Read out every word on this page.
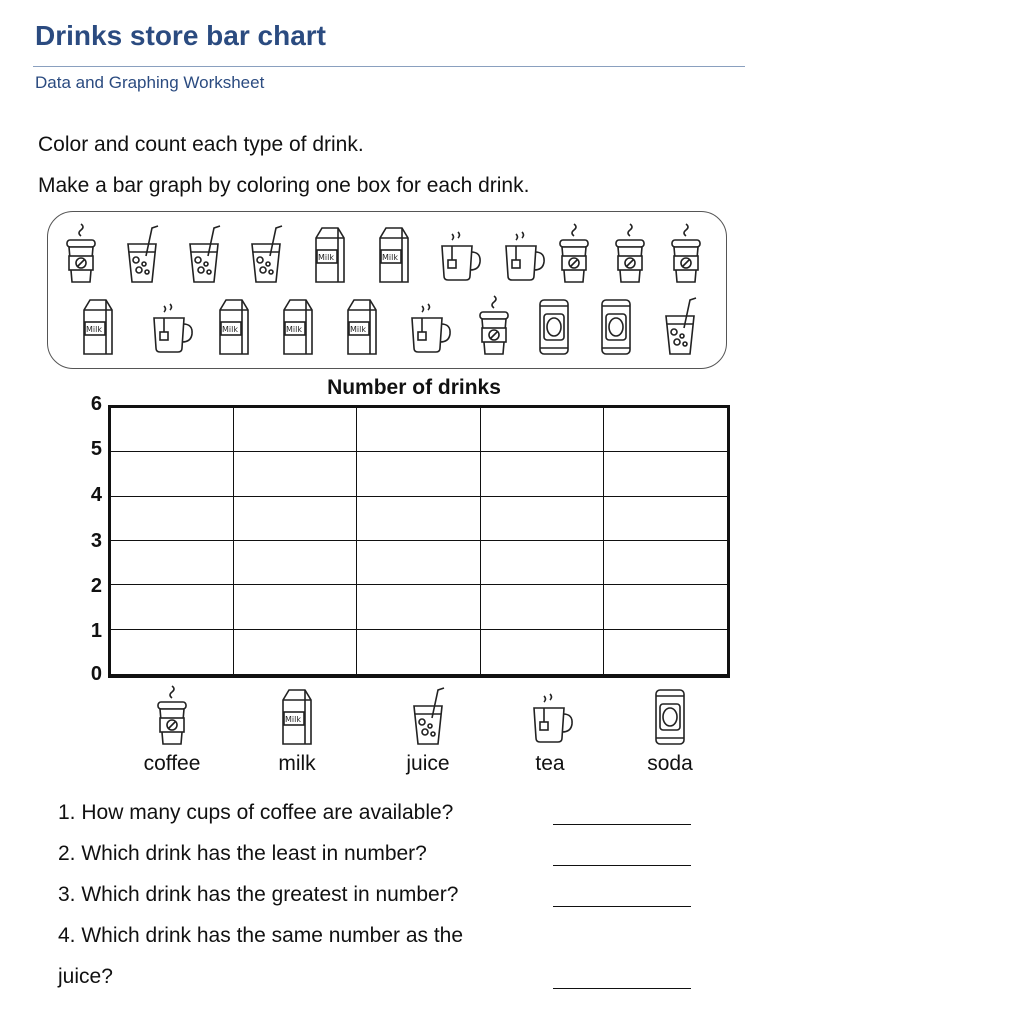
Drinks store bar chart
Data and Graphing Worksheet
Color and count each type of drink.
Make a bar graph by coloring one box for each drink.
Milk	Milk
Milk	Milk	Milk	Milk
Number of drinks
6
5
4
3
2
1
0
coffee
Milk
milk	juice	tea	soda
1. How many cups of coffee are available?
2. Which drink has the least in number?
3. Which drink has the greatest in number?
4. Which drink has the same number as the
juice?
